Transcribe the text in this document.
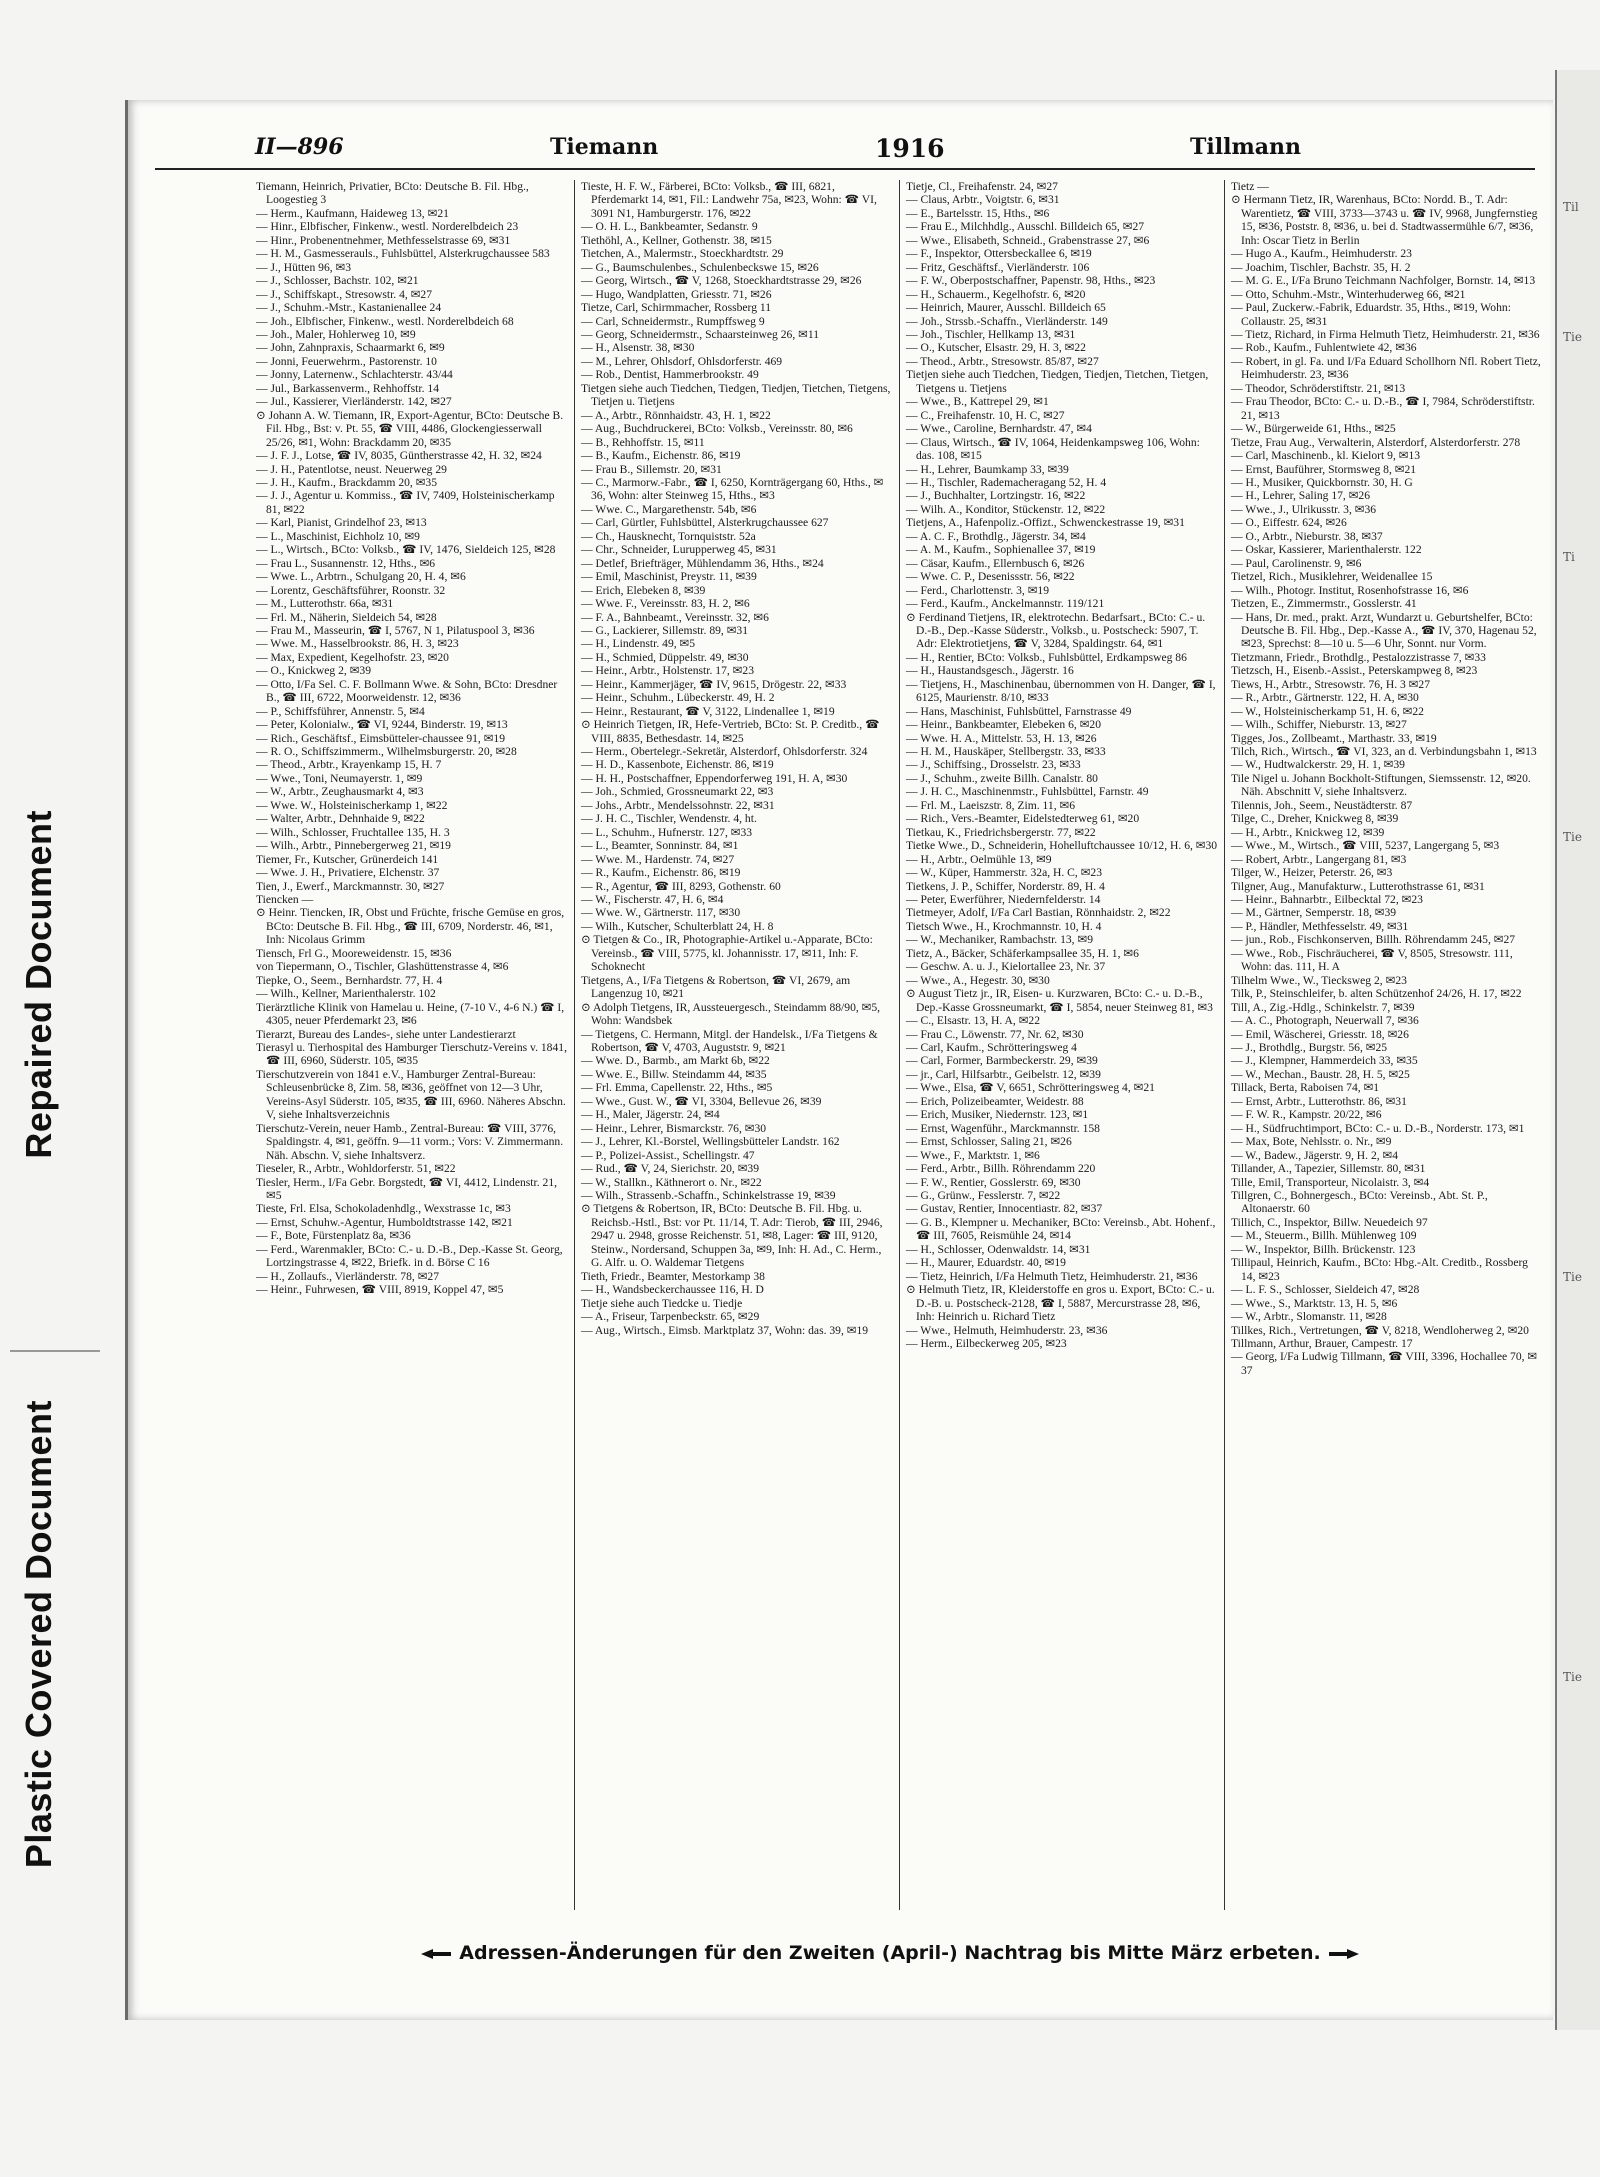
Repaired Document
Plastic Covered Document
Til
Tie
Ti
Tie
Tie
Tie
II—896	Tiemann	1916	Tillmann

Tiemann, Heinrich, Privatier, BCto: Deutsche B. Fil. Hbg., Loogestieg 3

— Herm., Kaufmann, Haideweg 13, ✉21

— Hinr., Elbfischer, Finkenw., westl. Norderelbdeich 23

— Hinr., Probenentnehmer, Methfesselstrasse 69, ✉31

— H. M., Gasmesserauls., Fuhlsbüttel, Alsterkrugchaussee 583

— J., Hütten 96, ✉3

— J., Schlosser, Bachstr. 102, ✉21

— J., Schiffskapt., Stresowstr. 4, ✉27

— J., Schuhm.-Mstr., Kastanienallee 24

— Joh., Elbfischer, Finkenw., westl. Norderelbdeich 68

— Joh., Maler, Hohlerweg 10, ✉9

— John, Zahnpraxis, Schaarmarkt 6, ✉9

— Jonni, Feuerwehrm., Pastorenstr. 10

— Jonny, Laternenw., Schlachterstr. 43/44

— Jul., Barkassenverm., Rehhoffstr. 14

— Jul., Kassierer, Vierländerstr. 142, ✉27

⊙ Johann A. W. Tiemann, IR, Export-Agentur, BCto: Deutsche B. Fil. Hbg., Bst: v. Pt. 55, ☎ VIII, 4486, Glockengiesserwall 25/26, ✉1, Wohn: Brackdamm 20, ✉35

— J. F. J., Lotse, ☎ IV, 8035, Güntherstrasse 42, H. 32, ✉24

— J. H., Patentlotse, neust. Neuerweg 29

— J. H., Kaufm., Brackdamm 20, ✉35

— J. J., Agentur u. Kommiss., ☎ IV, 7409, Holsteinischerkamp 81, ✉22

— Karl, Pianist, Grindelhof 23, ✉13

— L., Maschinist, Eichholz 10, ✉9

— L., Wirtsch., BCto: Volksb., ☎ IV, 1476, Sieldeich 125, ✉28

— Frau L., Susannenstr. 12, Hths., ✉6

— Wwe. L., Arbtrn., Schulgang 20, H. 4, ✉6

— Lorentz, Geschäftsführer, Roonstr. 32

— M., Lutterothstr. 66a, ✉31

— Frl. M., Näherin, Sieldeich 54, ✉28

— Frau M., Masseurin, ☎ I, 5767, N 1, Pilatuspool 3, ✉36

— Wwe. M., Hasselbrookstr. 86, H. 3, ✉23

— Max, Expedient, Kegelhofstr. 23, ✉20

— O., Knickweg 2, ✉39

— Otto, I/Fa Sel. C. F. Bollmann Wwe. & Sohn, BCto: Dresdner B., ☎ III, 6722, Moorweidenstr. 12, ✉36

— P., Schiffsführer, Annenstr. 5, ✉4

— Peter, Kolonialw., ☎ VI, 9244, Binderstr. 19, ✉13

— Rich., Geschäftsf., Eimsbütteler-chaussee 91, ✉19

— R. O., Schiffszimmerm., Wilhelmsburgerstr. 20, ✉28

— Theod., Arbtr., Krayenkamp 15, H. 7

— Wwe., Toni, Neumayerstr. 1, ✉9

— W., Arbtr., Zeughausmarkt 4, ✉3

— Wwe. W., Holsteinischerkamp 1, ✉22

— Walter, Arbtr., Dehnhaide 9, ✉22

— Wilh., Schlosser, Fruchtallee 135, H. 3

— Wilh., Arbtr., Pinnebergerweg 21, ✉19

Tiemer, Fr., Kutscher, Grünerdeich 141

— Wwe. J. H., Privatiere, Elchenstr. 37

Tien, J., Ewerf., Marckmannstr. 30, ✉27

Tiencken —

⊙ Heinr. Tiencken, IR, Obst und Früchte, frische Gemüse en gros, BCto: Deutsche B. Fil. Hbg., ☎ III, 6709, Norderstr. 46, ✉1, Inh: Nicolaus Grimm

Tiensch, Frl G., Mooreweidenstr. 15, ✉36

von Tiepermann, O., Tischler, Glashüttenstrasse 4, ✉6

Tiepke, O., Seem., Bernhardstr. 77, H. 4

— Wilh., Kellner, Marienthalerstr. 102

Tierärztliche Klinik von Hamelau u. Heine, (7-10 V., 4-6 N.) ☎ I, 4305, neuer Pferdemarkt 23, ✉6

Tierarzt, Bureau des Landes-, siehe unter Landestierarzt

Tierasyl u. Tierhospital des Hamburger Tierschutz-Vereins v. 1841, ☎ III, 6960, Süderstr. 105, ✉35

Tierschutzverein von 1841 e.V., Hamburger Zentral-Bureau: Schleusenbrücke 8, Zim. 58, ✉36, geöffnet von 12—3 Uhr, Vereins-Asyl Süderstr. 105, ✉35, ☎ III, 6960. Näheres Abschn. V, siehe Inhaltsverzeichnis

Tierschutz-Verein, neuer Hamb., Zentral-Bureau: ☎ VIII, 3776, Spaldingstr. 4, ✉1, geöffn. 9—11 vorm.; Vors: V. Zimmermann. Näh. Abschn. V, siehe Inhaltsverz.

Tieseler, R., Arbtr., Wohldorferstr. 51, ✉22

Tiesler, Herm., I/Fa Gebr. Borgstedt, ☎ VI, 4412, Lindenstr. 21, ✉5

Tieste, Frl. Elsa, Schokoladenhdlg., Wexstrasse 1c, ✉3

— Ernst, Schuhw.-Agentur, Humboldtstrasse 142, ✉21

— F., Bote, Fürstenplatz 8a, ✉36

— Ferd., Warenmakler, BCto: C.- u. D.-B., Dep.-Kasse St. Georg, Lortzingstrasse 4, ✉22, Briefk. in d. Börse C 16

— H., Zollaufs., Vierländerstr. 78, ✉27

— Heinr., Fuhrwesen, ☎ VIII, 8919, Koppel 47, ✉5

Tieste, H. F. W., Färberei, BCto: Volksb., ☎ III, 6821, Pferdemarkt 14, ✉1, Fil.: Landwehr 75a, ✉23, Wohn: ☎ VI, 3091 N1, Hamburgerstr. 176, ✉22

— O. H. L., Bankbeamter, Sedanstr. 9

Tiethöhl, A., Kellner, Gothenstr. 38, ✉15

Tietchen, A., Malermstr., Stoeckhardtstr. 29

— G., Baumschulenbes., Schulenbeckswe 15, ✉26

— Georg, Wirtsch., ☎ V, 1268, Stoeckhardtstrasse 29, ✉26

— Hugo, Wandplatten, Griesstr. 71, ✉26

Tietze, Carl, Schirmmacher, Rossberg 11

— Carl, Schneidermstr., Rumpffsweg 9

— Georg, Schneidermstr., Schaarsteinweg 26, ✉11

— H., Alsenstr. 38, ✉30

— M., Lehrer, Ohlsdorf, Ohlsdorferstr. 469

— Rob., Dentist, Hammerbrookstr. 49

Tietgen siehe auch Tiedchen, Tiedgen, Tiedjen, Tietchen, Tietgens, Tietjen u. Tietjens

— A., Arbtr., Rönnhaidstr. 43, H. 1, ✉22

— Aug., Buchdruckerei, BCto: Volksb., Vereinsstr. 80, ✉6

— B., Rehhoffstr. 15, ✉11

— B., Kaufm., Eichenstr. 86, ✉19

— Frau B., Sillemstr. 20, ✉31

— C., Marmorw.-Fabr., ☎ I, 6250, Kornträgergang 60, Hths., ✉36, Wohn: alter Steinweg 15, Hths., ✉3

— Wwe. C., Margarethenstr. 54b, ✉6

— Carl, Gürtler, Fuhlsbüttel, Alsterkrugchaussee 627

— Ch., Hausknecht, Tornquiststr. 52a

— Chr., Schneider, Lurupperweg 45, ✉31

— Detlef, Briefträger, Mühlendamm 36, Hths., ✉24

— Emil, Maschinist, Preystr. 11, ✉39

— Erich, Elebeken 8, ✉39

— Wwe. F., Vereinsstr. 83, H. 2, ✉6

— F. A., Bahnbeamt., Vereinsstr. 32, ✉6

— G., Lackierer, Sillemstr. 89, ✉31

— H., Lindenstr. 49, ✉5

— H., Schmied, Düppelstr. 49, ✉30

— Heinr., Arbtr., Holstenstr. 17, ✉23

— Heinr., Kammerjäger, ☎ IV, 9615, Drögestr. 22, ✉33

— Heinr., Schuhm., Lübeckerstr. 49, H. 2

— Heinr., Restaurant, ☎ V, 3122, Lindenallee 1, ✉19

⊙ Heinrich Tietgen, IR, Hefe-Vertrieb, BCto: St. P. Creditb., ☎ VIII, 8835, Bethesdastr. 14, ✉25

— Herm., Obertelegr.-Sekretär, Alsterdorf, Ohlsdorferstr. 324

— H. D., Kassenbote, Eichenstr. 86, ✉19

— H. H., Postschaffner, Eppendorferweg 191, H. A, ✉30

— Joh., Schmied, Grossneumarkt 22, ✉3

— Johs., Arbtr., Mendelssohnstr. 22, ✉31

— J. H. C., Tischler, Wendenstr. 4, ht.

— L., Schuhm., Hufnerstr. 127, ✉33

— L., Beamter, Sonninstr. 84, ✉1

— Wwe. M., Hardenstr. 74, ✉27

— R., Kaufm., Eichenstr. 86, ✉19

— R., Agentur, ☎ III, 8293, Gothenstr. 60

— W., Fischerstr. 47, H. 6, ✉4

— Wwe. W., Gärtnerstr. 117, ✉30

— Wilh., Kutscher, Schulterblatt 24, H. 8

⊙ Tietgen & Co., IR, Photographie-Artikel u.-Apparate, BCto: Vereinsb., ☎ VIII, 5775, kl. Johannisstr. 17, ✉11, Inh: F. Schoknecht

Tietgens, A., I/Fa Tietgens & Robertson, ☎ VI, 2679, am Langenzug 10, ✉21

⊙ Adolph Tietgens, IR, Aussteuergesch., Steindamm 88/90, ✉5, Wohn: Wandsbek

— Tietgens, C. Hermann, Mitgl. der Handelsk., I/Fa Tietgens & Robertson, ☎ V, 4703, Auguststr. 9, ✉21

— Wwe. D., Barmb., am Markt 6b, ✉22

— Wwe. E., Billw. Steindamm 44, ✉35

— Frl. Emma, Capellenstr. 22, Hths., ✉5

— Wwe., Gust. W., ☎ VI, 3304, Bellevue 26, ✉39

— H., Maler, Jägerstr. 24, ✉4

— Heinr., Lehrer, Bismarckstr. 76, ✉30

— J., Lehrer, Kl.-Borstel, Wellingsbütteler Landstr. 162

— P., Polizei-Assist., Schellingstr. 47

— Rud., ☎ V, 24, Sierichstr. 20, ✉39

— W., Stallkn., Käthnerort o. Nr., ✉22

— Wilh., Strassenb.-Schaffn., Schinkelstrasse 19, ✉39

⊙ Tietgens & Robertson, IR, BCto: Deutsche B. Fil. Hbg. u. Reichsb.-Hstl., Bst: vor Pt. 11/14, T. Adr: Tierob, ☎ III, 2946, 2947 u. 2948, grosse Reichenstr. 51, ✉8, Lager: ☎ III, 9120, Steinw., Nordersand, Schuppen 3a, ✉9, Inh: H. Ad., C. Herm., G. Alfr. u. O. Waldemar Tietgens

Tieth, Friedr., Beamter, Mestorkamp 38

— H., Wandsbeckerchaussee 116, H. D

Tietje siehe auch Tiedcke u. Tiedje

— A., Friseur, Tarpenbeckstr. 65, ✉29

— Aug., Wirtsch., Eimsb. Marktplatz 37, Wohn: das. 39, ✉19

Tietje, Cl., Freihafenstr. 24, ✉27

— Claus, Arbtr., Voigtstr. 6, ✉31

— E., Bartelsstr. 15, Hths., ✉6

— Frau E., Milchhdlg., Ausschl. Billdeich 65, ✉27

— Wwe., Elisabeth, Schneid., Grabenstrasse 27, ✉6

— F., Inspektor, Ottersbeckallee 6, ✉19

— Fritz, Geschäftsf., Vierländerstr. 106

— F. W., Oberpostschaffner, Papenstr. 98, Hths., ✉23

— H., Schauerm., Kegelhofstr. 6, ✉20

— Heinrich, Maurer, Ausschl. Billdeich 65

— Joh., Strssb.-Schaffn., Vierländerstr. 149

— Joh., Tischler, Hellkamp 13, ✉31

— O., Kutscher, Elsastr. 29, H. 3, ✉22

— Theod., Arbtr., Stresowstr. 85/87, ✉27

Tietjen siehe auch Tiedchen, Tiedgen, Tiedjen, Tietchen, Tietgen, Tietgens u. Tietjens

— Wwe., B., Kattrepel 29, ✉1

— C., Freihafenstr. 10, H. C, ✉27

— Wwe., Caroline, Bernhardstr. 47, ✉4

— Claus, Wirtsch., ☎ IV, 1064, Heidenkampsweg 106, Wohn: das. 108, ✉15

— H., Lehrer, Baumkamp 33, ✉39

— H., Tischler, Rademacheragang 52, H. 4

— J., Buchhalter, Lortzingstr. 16, ✉22

— Wilh. A., Konditor, Stückenstr. 12, ✉22

Tietjens, A., Hafenpoliz.-Offizt., Schwenckestrasse 19, ✉31

— A. C. F., Brothdlg., Jägerstr. 34, ✉4

— A. M., Kaufm., Sophienallee 37, ✉19

— Cäsar, Kaufm., Ellernbusch 6, ✉26

— Wwe. C. P., Desenissstr. 56, ✉22

— Ferd., Charlottenstr. 3, ✉19

— Ferd., Kaufm., Anckelmannstr. 119/121

⊙ Ferdinand Tietjens, IR, elektrotechn. Bedarfsart., BCto: C.- u. D.-B., Dep.-Kasse Süderstr., Volksb., u. Postscheck: 5907, T. Adr: Elektrotietjens, ☎ V, 3284, Spaldingstr. 64, ✉1

— H., Rentier, BCto: Volksb., Fuhlsbüttel, Erdkampsweg 86

— H., Haustandsgesch., Jägerstr. 16

— Tietjens, H., Maschinenbau, übernommen von H. Danger, ☎ I, 6125, Maurienstr. 8/10, ✉33

— Hans, Maschinist, Fuhlsbüttel, Farnstrasse 49

— Heinr., Bankbeamter, Elebeken 6, ✉20

— Wwe. H. A., Mittelstr. 53, H. 13, ✉26

— H. M., Hauskäper, Stellbergstr. 33, ✉33

— J., Schiffsing., Drosselstr. 23, ✉33

— J., Schuhm., zweite Billh. Canalstr. 80

— J. H. C., Maschinenmstr., Fuhlsbüttel, Farnstr. 49

— Frl. M., Laeiszstr. 8, Zim. 11, ✉6

— Rich., Vers.-Beamter, Eidelstedterweg 61, ✉20

Tietkau, K., Friedrichsbergerstr. 77, ✉22

Tietke Wwe., D., Schneiderin, Hohelluftchaussee 10/12, H. 6, ✉30

— H., Arbtr., Oelmühle 13, ✉9

— W., Küper, Hammerstr. 32a, H. C, ✉23

Tietkens, J. P., Schiffer, Norderstr. 89, H. 4

— Peter, Ewerführer, Niedernfelderstr. 14

Tietmeyer, Adolf, I/Fa Carl Bastian, Rönnhaidstr. 2, ✉22

Tietsch Wwe., H., Krochmannstr. 10, H. 4

— W., Mechaniker, Rambachstr. 13, ✉9

Tietz, A., Bäcker, Schäferkampsallee 35, H. 1, ✉6

— Geschw. A. u. J., Kielortallee 23, Nr. 37

— Wwe., A., Hegestr. 30, ✉30

⊙ August Tietz jr., IR, Eisen- u. Kurzwaren, BCto: C.- u. D.-B., Dep.-Kasse Grossneumarkt, ☎ I, 5854, neuer Steinweg 81, ✉3

— C., Elsastr. 13, H. A, ✉22

— Frau C., Löwenstr. 77, Nr. 62, ✉30

— Carl, Kaufm., Schrötteringsweg 4

— Carl, Former, Barmbeckerstr. 29, ✉39

— jr., Carl, Hilfsarbtr., Geibelstr. 12, ✉39

— Wwe., Elsa, ☎ V, 6651, Schrötteringsweg 4, ✉21

— Erich, Polizeibeamter, Weidestr. 88

— Erich, Musiker, Niedernstr. 123, ✉1

— Ernst, Wagenführ., Marckmannstr. 158

— Ernst, Schlosser, Saling 21, ✉26

— Wwe., F., Marktstr. 1, ✉6

— Ferd., Arbtr., Billh. Röhrendamm 220

— F. W., Rentier, Gosslerstr. 69, ✉30

— G., Grünw., Fesslerstr. 7, ✉22

— Gustav, Rentier, Innocentiastr. 82, ✉37

— G. B., Klempner u. Mechaniker, BCto: Vereinsb., Abt. Hohenf., ☎ III, 7605, Reismühle 24, ✉14

— H., Schlosser, Odenwaldstr. 14, ✉31

— H., Maurer, Eduardstr. 40, ✉19

— Tietz, Heinrich, I/Fa Helmuth Tietz, Heimhuderstr. 21, ✉36

⊙ Helmuth Tietz, IR, Kleiderstoffe en gros u. Export, BCto: C.- u. D.-B. u. Postscheck-2128, ☎ I, 5887, Mercurstrasse 28, ✉6, Inh: Heinrich u. Richard Tietz

— Wwe., Helmuth, Heimhuderstr. 23, ✉36

— Herm., Eilbeckerweg 205, ✉23

Tietz —

⊙ Hermann Tietz, IR, Warenhaus, BCto: Nordd. B., T. Adr: Warentietz, ☎ VIII, 3733—3743 u. ☎ IV, 9968, Jungfernstieg 15, ✉36, Poststr. 8, ✉36, u. bei d. Stadtwassermühle 6/7, ✉36, Inh: Oscar Tietz in Berlin

— Hugo A., Kaufm., Heimhuderstr. 23

— Joachim, Tischler, Bachstr. 35, H. 2

— M. G. E., I/Fa Bruno Teichmann Nachfolger, Bornstr. 14, ✉13

— Otto, Schuhm.-Mstr., Winterhuderweg 66, ✉21

— Paul, Zuckerw.-Fabrik, Eduardstr. 35, Hths., ✉19, Wohn: Collaustr. 25, ✉31

— Tietz, Richard, in Firma Helmuth Tietz, Heimhuderstr. 21, ✉36

— Rob., Kaufm., Fuhlentwiete 42, ✉36

— Robert, in gl. Fa. und I/Fa Eduard Schollhorn Nfl. Robert Tietz, Heimhuderstr. 23, ✉36

— Theodor, Schröderstiftstr. 21, ✉13

— Frau Theodor, BCto: C.- u. D.-B., ☎ I, 7984, Schröderstiftstr. 21, ✉13

— W., Bürgerweide 61, Hths., ✉25

Tietze, Frau Aug., Verwalterin, Alsterdorf, Alsterdorferstr. 278

— Carl, Maschinenb., kl. Kielort 9, ✉13

— Ernst, Bauführer, Stormsweg 8, ✉21

— H., Musiker, Quickbornstr. 30, H. G

— H., Lehrer, Saling 17, ✉26

— Wwe., J., Ulrikusstr. 3, ✉36

— O., Eiffestr. 624, ✉26

— O., Arbtr., Nieburstr. 38, ✉37

— Oskar, Kassierer, Marienthalerstr. 122

— Paul, Carolinenstr. 9, ✉6

Tietzel, Rich., Musiklehrer, Weidenallee 15

— Wilh., Photogr. Institut, Rosenhofstrasse 16, ✉6

Tietzen, E., Zimmermstr., Gosslerstr. 41

— Hans, Dr. med., prakt. Arzt, Wundarzt u. Geburtshelfer, BCto: Deutsche B. Fil. Hbg., Dep.-Kasse A., ☎ IV, 370, Hagenau 52, ✉23, Sprechst: 8—10 u. 5—6 Uhr, Sonnt. nur Vorm.

Tietzmann, Friedr., Brothdlg., Pestalozzistrasse 7, ✉33

Tietzsch, H., Eisenb.-Assist., Peterskampweg 8, ✉23

Tiews, H., Arbtr., Stresowstr. 76, H. 3 ✉27

— R., Arbtr., Gärtnerstr. 122, H. A, ✉30

— W., Holsteinischerkamp 51, H. 6, ✉22

— Wilh., Schiffer, Nieburstr. 13, ✉27

Tigges, Jos., Zollbeamt., Marthastr. 33, ✉19

Tilch, Rich., Wirtsch., ☎ VI, 323, an d. Verbindungsbahn 1, ✉13

— W., Hudtwalckerstr. 29, H. 1, ✉39

Tile Nigel u. Johann Bockholt-Stiftungen, Siemssenstr. 12, ✉20. Näh. Abschnitt V, siehe Inhaltsverz.

Tilennis, Joh., Seem., Neustädterstr. 87

Tilge, C., Dreher, Knickweg 8, ✉39

— H., Arbtr., Knickweg 12, ✉39

— Wwe., M., Wirtsch., ☎ VIII, 5237, Langergang 5, ✉3

— Robert, Arbtr., Langergang 81, ✉3

Tilger, W., Heizer, Peterstr. 26, ✉3

Tilgner, Aug., Manufakturw., Lutterothstrasse 61, ✉31

— Heinr., Bahnarbtr., Eilbecktal 72, ✉23

— M., Gärtner, Semperstr. 18, ✉39

— P., Händler, Methfesselstr. 49, ✉31

— jun., Rob., Fischkonserven, Billh. Röhrendamm 245, ✉27

— Wwe., Rob., Fischräucherei, ☎ V, 8505, Stresowstr. 111, Wohn: das. 111, H. A

Tilhelm Wwe., W., Tiecksweg 2, ✉23

Tilk, P., Steinschleifer, b. alten Schützenhof 24/26, H. 17, ✉22

Till, A., Zig.-Hdlg., Schinkelstr. 7, ✉39

— A. C., Photograph, Neuerwall 7, ✉36

— Emil, Wäscherei, Griesstr. 18, ✉26

— J., Brothdlg., Burgstr. 56, ✉25

— J., Klempner, Hammerdeich 33, ✉35

— W., Mechan., Baustr. 28, H. 5, ✉25

Tillack, Berta, Raboisen 74, ✉1

— Ernst, Arbtr., Lutterothstr. 86, ✉31

— F. W. R., Kampstr. 20/22, ✉6

— H., Südfruchtimport, BCto: C.- u. D.-B., Norderstr. 173, ✉1

— Max, Bote, Nehlsstr. o. Nr., ✉9

— W., Badew., Jägerstr. 9, H. 2, ✉4

Tillander, A., Tapezier, Sillemstr. 80, ✉31

Tille, Emil, Transporteur, Nicolaistr. 3, ✉4

Tillgren, C., Bohnergesch., BCto: Vereinsb., Abt. St. P., Altonaerstr. 60

Tillich, C., Inspektor, Billw. Neuedeich 97

— M., Steuerm., Billh. Mühlenweg 109

— W., Inspektor, Billh. Brückenstr. 123

Tillipaul, Heinrich, Kaufm., BCto: Hbg.-Alt. Creditb., Rossberg 14, ✉23

— L. F. S., Schlosser, Sieldeich 47, ✉28

— Wwe., S., Marktstr. 13, H. 5, ✉6

— W., Arbtr., Slomanstr. 11, ✉28

Tillkes, Rich., Vertretungen, ☎ V, 8218, Wendloherweg 2, ✉20

Tillmann, Arthur, Brauer, Campestr. 17

— Georg, I/Fa Ludwig Tillmann, ☎ VIII, 3396, Hochallee 70, ✉37

Adressen-Änderungen für den Zweiten (April-) Nachtrag bis Mitte März erbeten.
